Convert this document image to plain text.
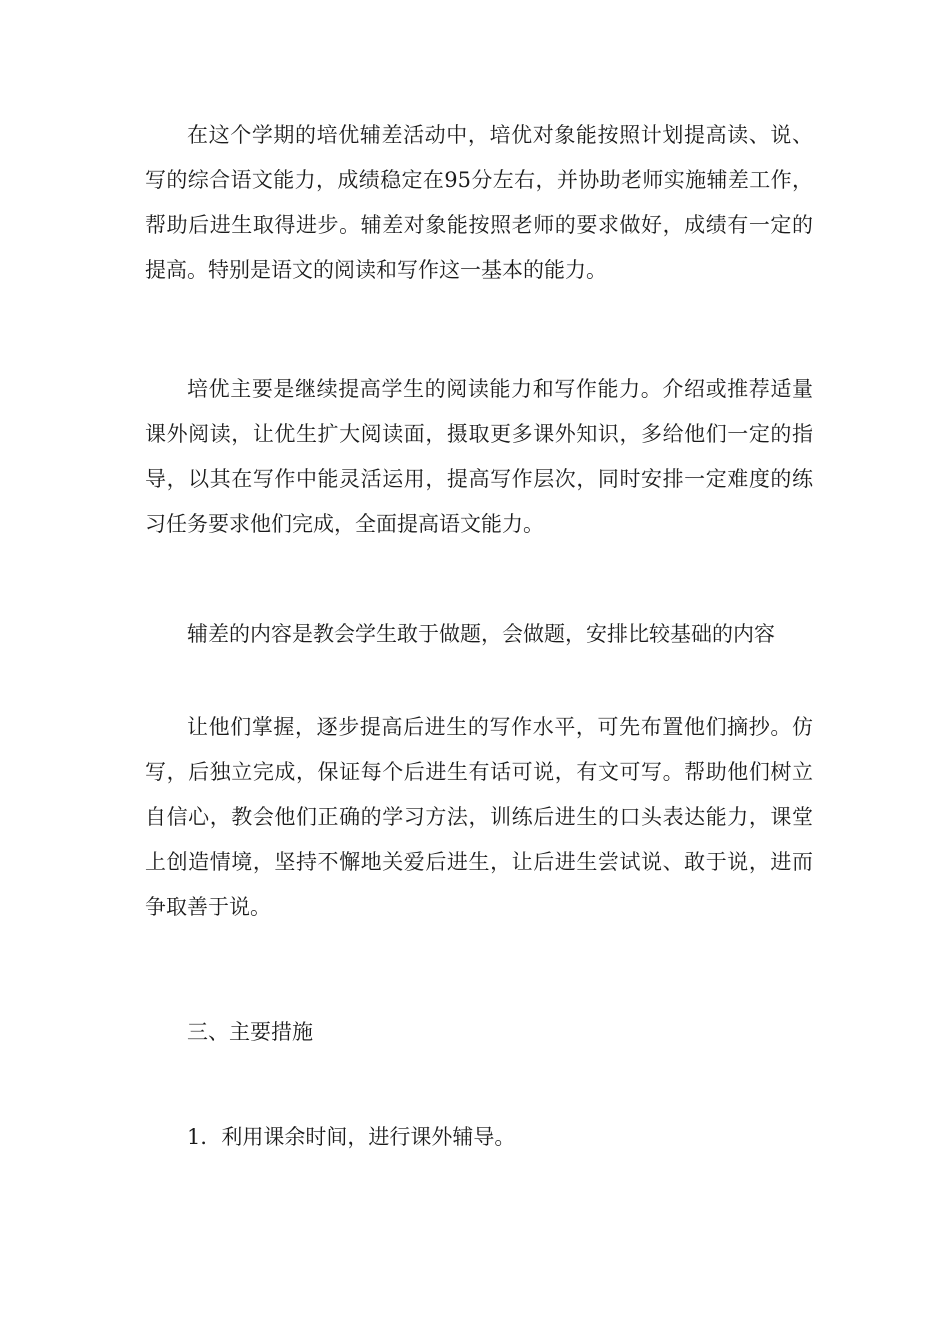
在这个学期的培优辅差活动中，培优对象能按照计划提高读、说、写的综合语文能力，成绩稳定在95分左右，并协助老师实施辅差工作，帮助后进生取得进步。辅差对象能按照老师的要求做好，成绩有一定的提高。特别是语文的阅读和写作这一基本的能力。

培优主要是继续提高学生的阅读能力和写作能力。介绍或推荐适量课外阅读，让优生扩大阅读面，摄取更多课外知识，多给他们一定的指导，以其在写作中能灵活运用，提高写作层次，同时安排一定难度的练习任务要求他们完成，全面提高语文能力。

辅差的内容是教会学生敢于做题，会做题，安排比较基础的内容

让他们掌握，逐步提高后进生的写作水平，可先布置他们摘抄。仿写，后独立完成，保证每个后进生有话可说，有文可写。帮助他们树立自信心，教会他们正确的学习方法，训练后进生的口头表达能力，课堂上创造情境，坚持不懈地关爱后进生，让后进生尝试说、敢于说，进而争取善于说。

三、主要措施

1．利用课余时间，进行课外辅导。
